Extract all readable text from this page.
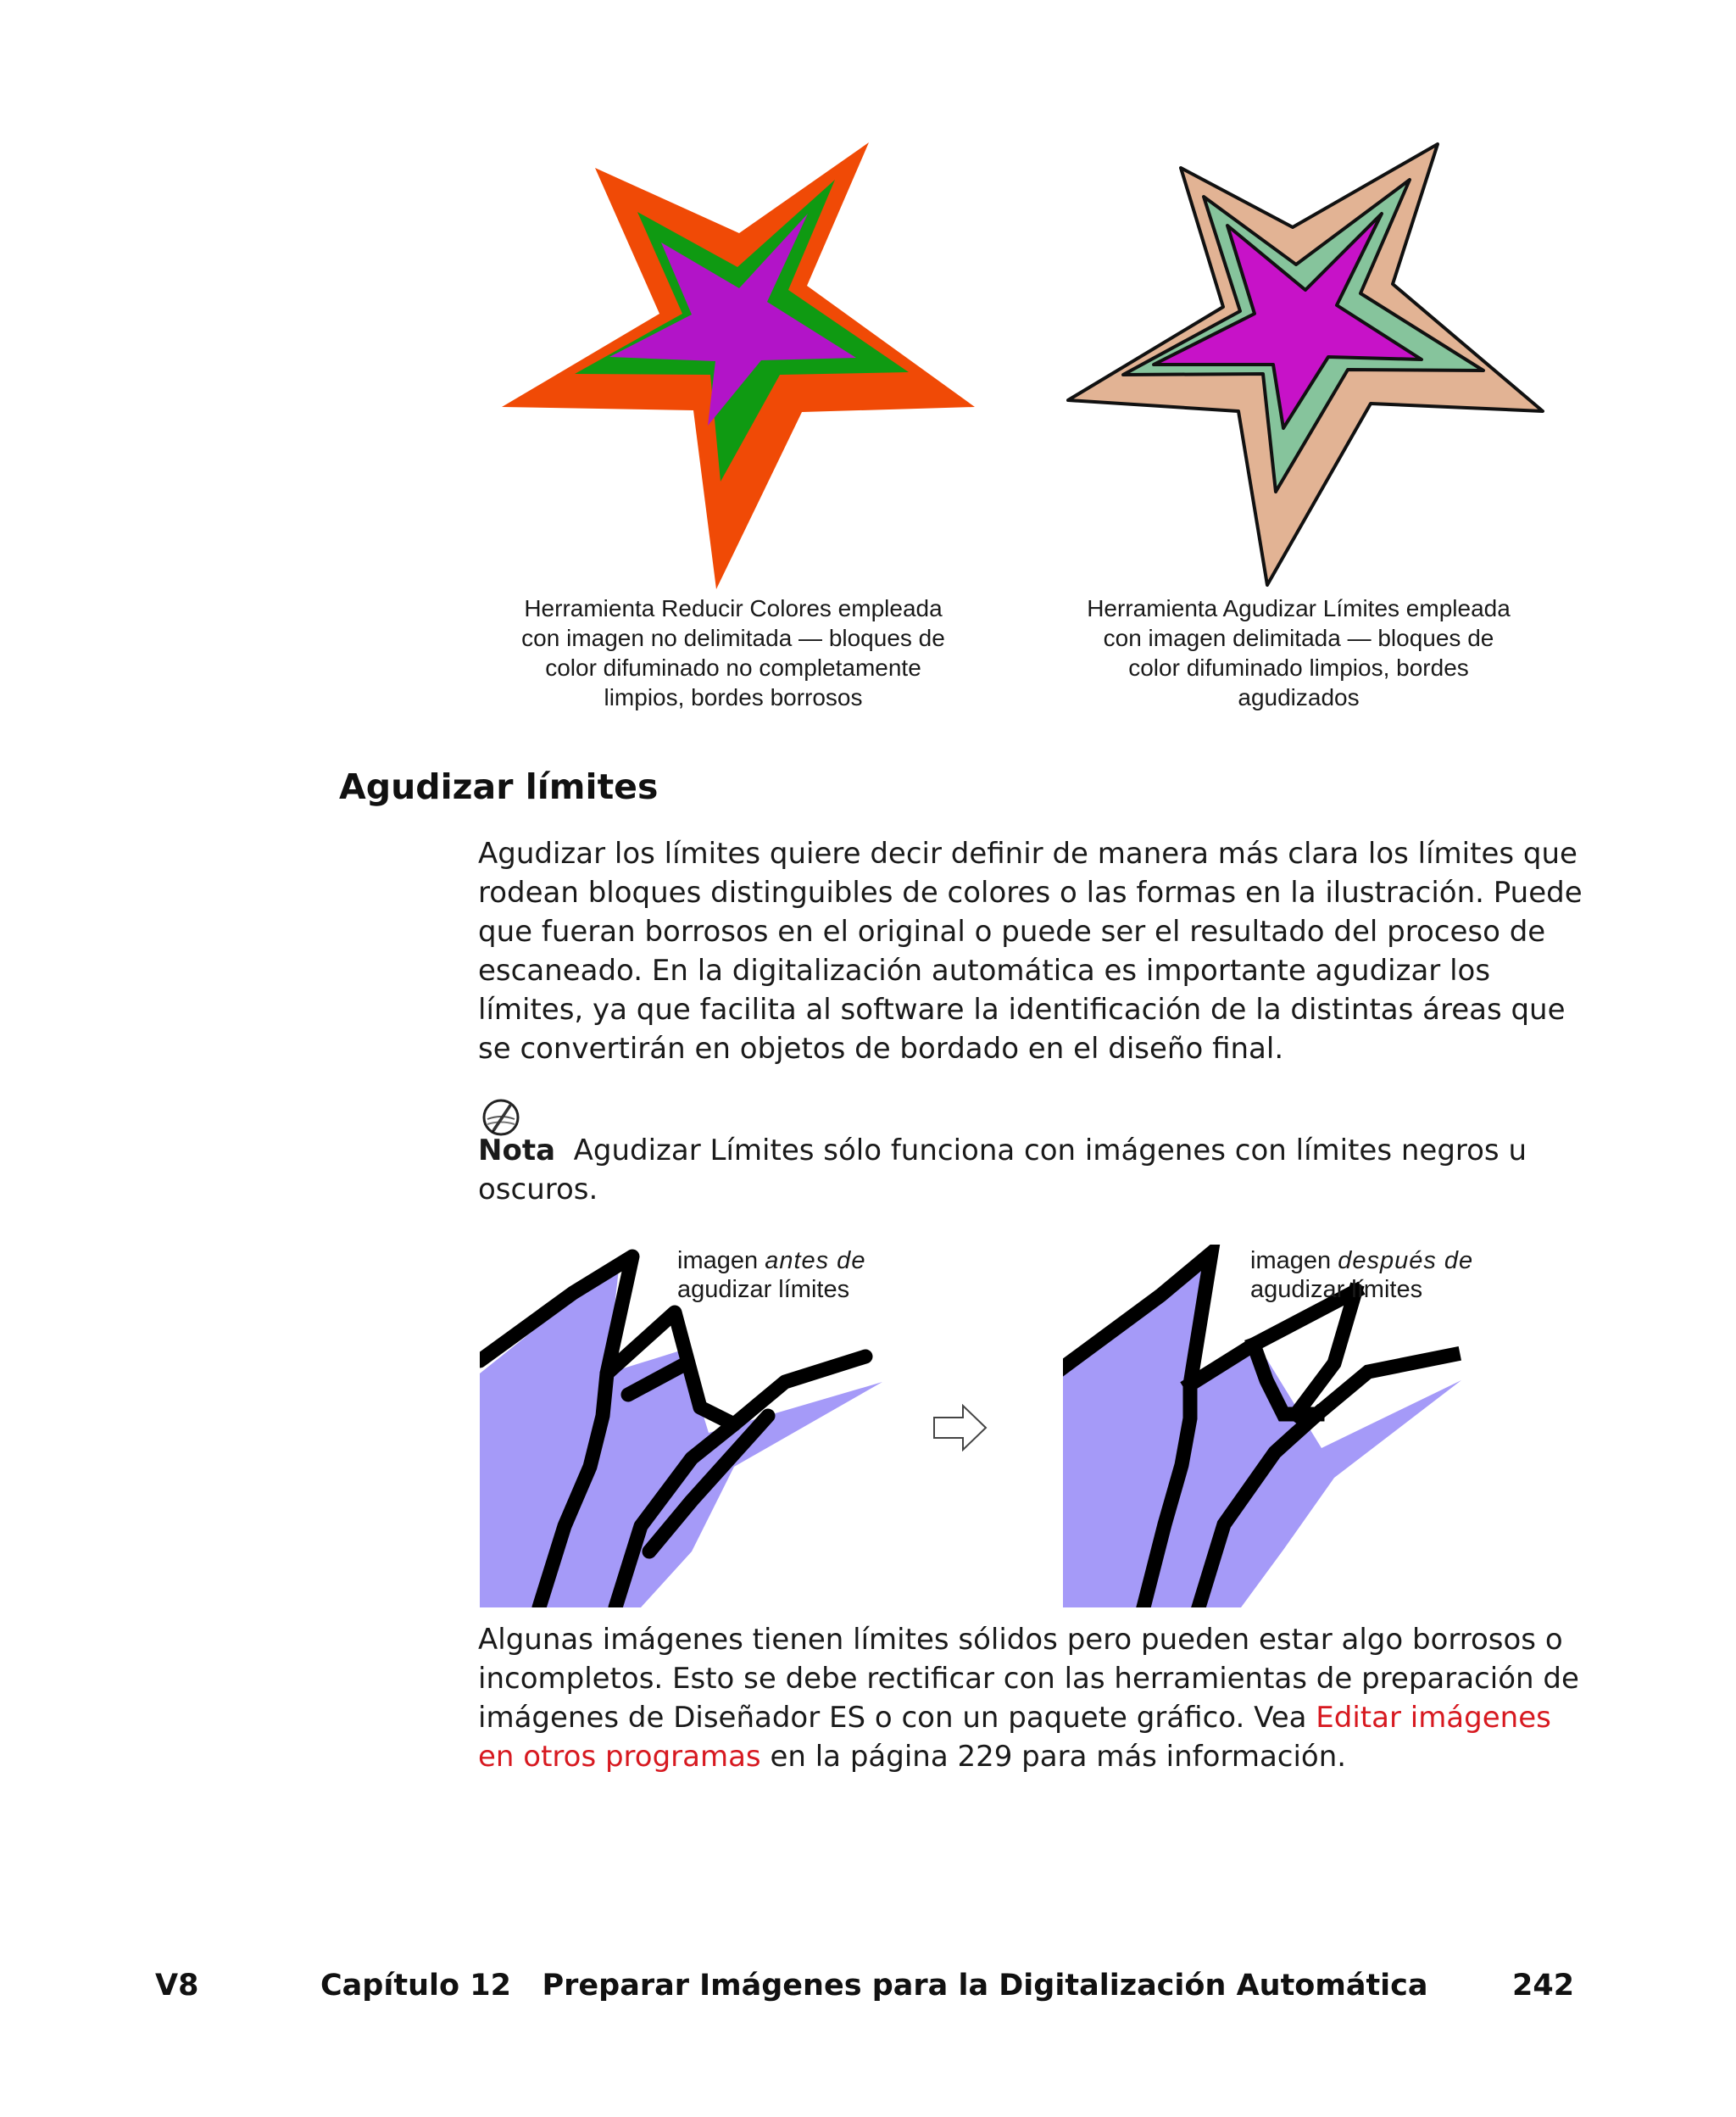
Herramienta Reducir Colores empleada
con imagen no delimitada — bloques de
color difuminado no completamente
limpios, bordes borrosos
Herramienta Agudizar Límites empleada
con imagen delimitada — bloques de
color difuminado limpios, bordes
agudizados
Agudizar límites
Agudizar los límites quiere decir definir de manera más clara los límites que
rodean bloques distinguibles de colores o las formas en la ilustración. Puede
que fueran borrosos en el original o puede ser el resultado del proceso de
escaneado. En la digitalización automática es importante agudizar los
límites, ya que facilita al software la identificación de la distintas áreas que
se convertirán en objetos de bordado en el diseño final.
Nota Agudizar Límites sólo funciona con imágenes con límites negros u
oscuros.
imagen antes de
agudizar límites
imagen después de
agudizar límites
Algunas imágenes tienen límites sólidos pero pueden estar algo borrosos o
incompletos. Esto se debe rectificar con las herramientas de preparación de
imágenes de Diseñador ES o con un paquete gráfico. Vea Editar imágenes
en otros programas en la página 229 para más información.
V8	Capítulo 12   Preparar Imágenes para la Digitalización Automática	242
